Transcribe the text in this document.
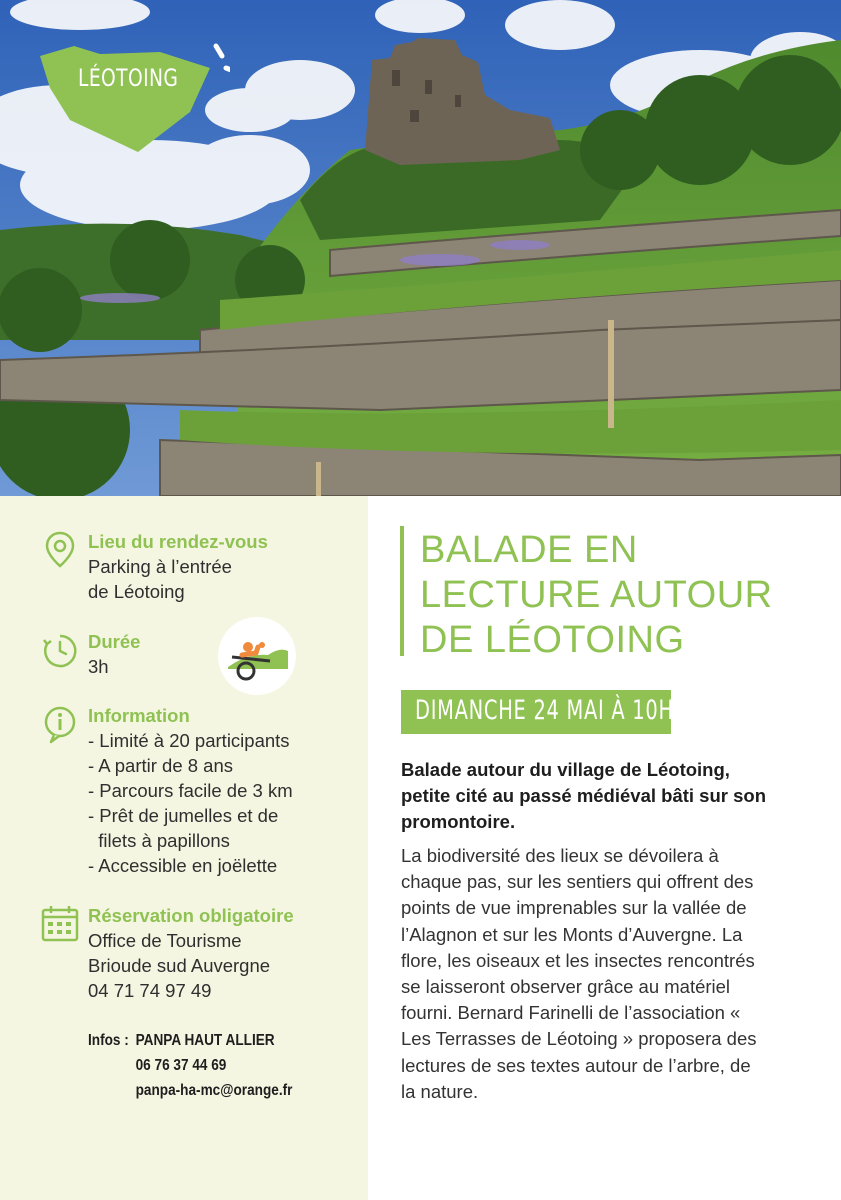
LÉOTOING
Lieu du rendez-vous
Parking à l’entrée
de Léotoing
Durée
3h
Information
- Limité à 20 participants
- A partir de 8 ans
- Parcours facile de 3 km
- Prêt de jumelles et de
filets à papillons
- Accessible en joëlette
Réservation obligatoire
Office de Tourisme
Brioude sud Auvergne
04 71 74 97 49
Infos : PANPA HAUT ALLIER
06 76 37 44 69
panpa-ha-mc@orange.fr
BALADE EN
LECTURE AUTOUR
DE LÉOTOING
DIMANCHE 24 MAI À 10H
Balade autour du village de Léotoing,
petite cité au passé médiéval bâti sur son
promontoire.
La biodiversité des lieux se dévoilera à
chaque pas, sur les sentiers qui offrent des
points de vue imprenables sur la vallée de
l’Alagnon et sur les Monts d’Auvergne. La
flore, les oiseaux et les insectes rencontrés
se laisseront observer grâce au matériel
fourni. Bernard Farinelli de l’association «
Les Terrasses de Léotoing » proposera des
lectures de ses textes autour de l’arbre, de
la nature.
